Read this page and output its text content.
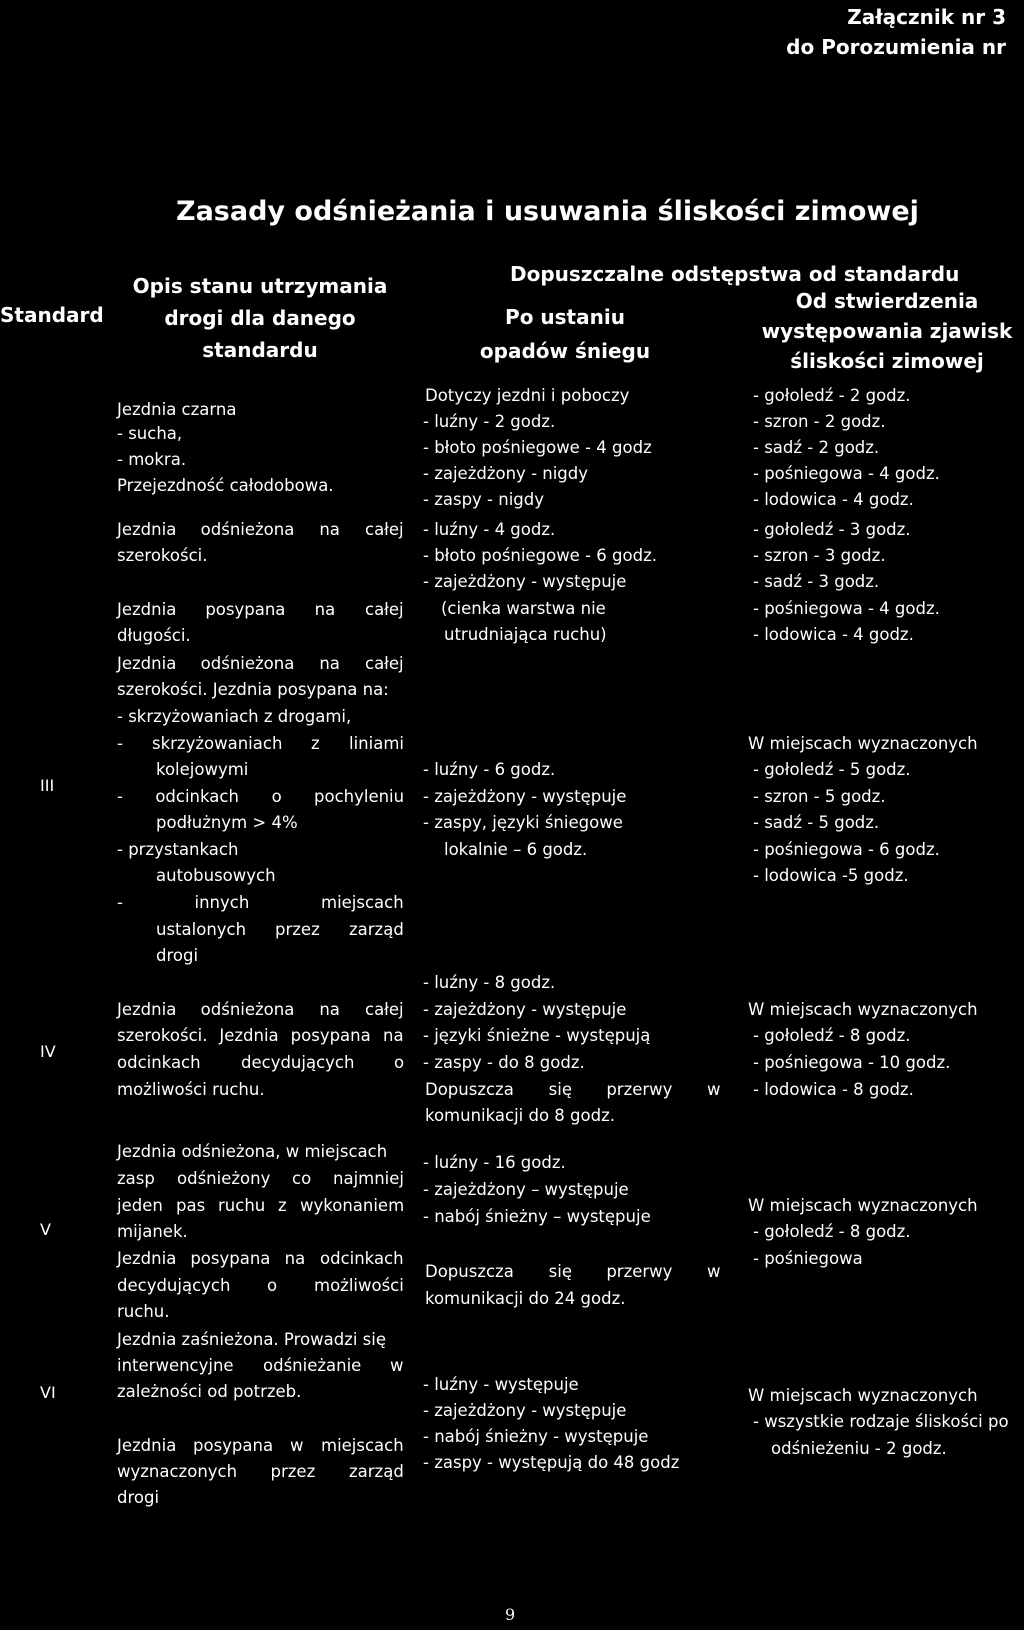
Załącznik nr 3
do Porozumienia nr
Zasady odśnieżania i usuwania śliskości zimowej
Standard
Opis stanu utrzymania
drogi dla danego
standardu
Dopuszczalne odstępstwa od standardu
Po ustaniu
opadów śniegu
Od stwierdzenia
występowania zjawisk
śliskości zimowej
III
IV
V
VI
Jezdnia czarna
- sucha,
- mokra.
Przejezdność całodobowa.
Jezdnia odśnieżona na całej
szerokości.
Jezdnia posypana na całej
długości.
Jezdnia odśnieżona na całej
szerokości. Jezdnia posypana na:
- skrzyżowaniach z drogami,
- skrzyżowaniach z liniami
kolejowymi
- odcinkach o pochyleniu
podłużnym > 4%
- przystankach
autobusowych
-	innych	miejscach
ustalonych przez zarząd
drogi
Jezdnia odśnieżona na całej
szerokości. Jezdnia posypana na
odcinkach decydujących o
możliwości ruchu.
Jezdnia odśnieżona, w miejscach
zasp odśnieżony co najmniej
jeden pas ruchu z wykonaniem
mijanek.
Jezdnia posypana na odcinkach
decydujących o możliwości
ruchu.
Jezdnia zaśnieżona. Prowadzi się
interwencyjne odśnieżanie w
zależności od potrzeb.
Jezdnia posypana w miejscach
wyznaczonych przez zarząd
drogi
Dotyczy jezdni i poboczy
- luźny - 2 godz.
- błoto pośniegowe - 4 godz
- zajeżdżony - nigdy
- zaspy - nigdy
- luźny - 4 godz.
- błoto pośniegowe - 6 godz.
- zajeżdżony - występuje
(cienka warstwa nie
utrudniająca ruchu)
- luźny - 6 godz.
- zajeżdżony - występuje
- zaspy, języki śniegowe
lokalnie – 6 godz.
- luźny - 8 godz.
- zajeżdżony - występuje
- języki śnieżne - występują
- zaspy - do 8 godz.
Dopuszcza się przerwy w
komunikacji do 8 godz.
- luźny - 16 godz.
- zajeżdżony – występuje
- nabój śnieżny – występuje
Dopuszcza się przerwy w
komunikacji do 24 godz.
- luźny - występuje
- zajeżdżony - występuje
- nabój śnieżny - występuje
- zaspy - występują do 48 godz
- gołoledź - 2 godz.
- szron - 2 godz.
- sadź - 2 godz.
- pośniegowa - 4 godz.
- lodowica - 4 godz.
- gołoledź - 3 godz.
- szron - 3 godz.
- sadź - 3 godz.
- pośniegowa - 4 godz.
- lodowica - 4 godz.
W miejscach wyznaczonych
- gołoledź - 5 godz.
- szron - 5 godz.
- sadź - 5 godz.
- pośniegowa - 6 godz.
- lodowica -5 godz.
W miejscach wyznaczonych
- gołoledź - 8 godz.
- pośniegowa - 10 godz.
- lodowica - 8 godz.
W miejscach wyznaczonych
- gołoledź - 8 godz.
- pośniegowa
W miejscach wyznaczonych
- wszystkie rodzaje śliskości po
odśnieżeniu - 2 godz.
9
